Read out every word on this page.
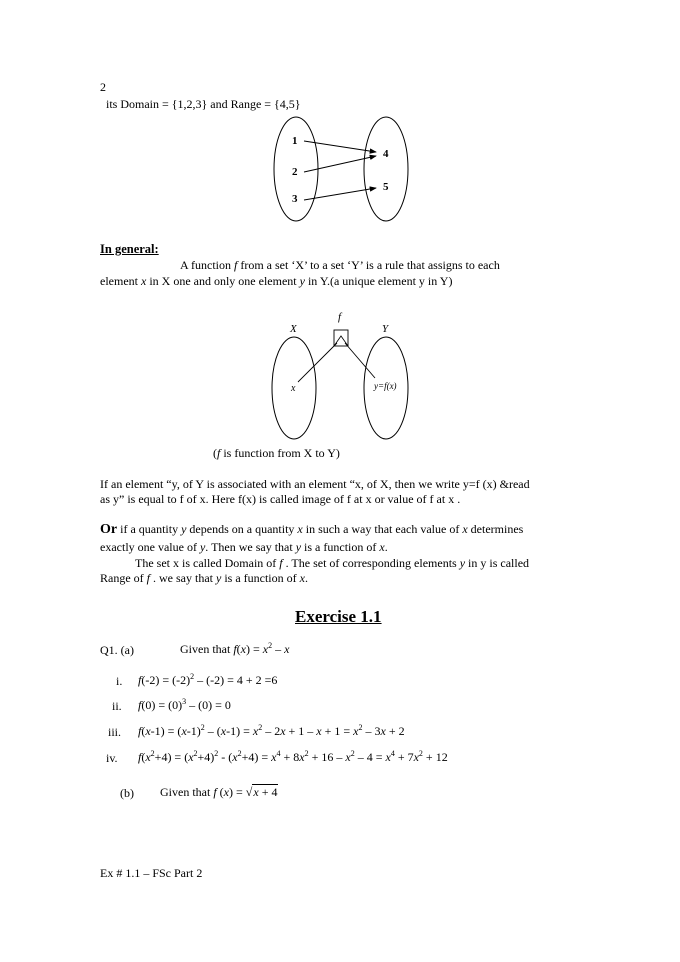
2
its Domain = {1,2,3} and Range = {4,5}
1
2
3
4
5
In general:
A function f from a set ‘X’ to a set ‘Y’ is a rule that assigns to each
element x in X one and only one element y in Y.(a unique element y in Y)
f
X	Y
x	y=f(x)
(f is function from X to Y)
If an element “y, of Y is associated with an element “x, of X, then we write y=f (x) &read
as y” is equal to f of x. Here f(x) is called image of f at x or value of f at x .
Or if a quantity y depends on a quantity x in such a way that each value of x determines
exactly one value of y. Then we say that y is a function of x.
The set x is called Domain of f . The set of corresponding elements y in y is called
Range of f . we say that y is a function of x.
Exercise 1.1
Q1. (a)	Given that $f(x) = x^2 - x$
i. $f(-2) = (-2)^2 - (-2) = 4 + 2 =6$
ii. $f(0) = (0)^3 - (0) = 0$
iii. $f(x-1) = (x-1)^2 - (x-1) = x^2 - 2x + 1 - x + 1 = x^2 - 3x + 2$
iv. $f(x^2+4) = (x^2+4)^2 - (x^2+4) = x^4 + 8x^2 + 16 - x^2 - 4 = x^4 + 7x^2 + 12$
(b) Given that f (x) = √x + 4
Ex # 1.1 – FSc Part 2
